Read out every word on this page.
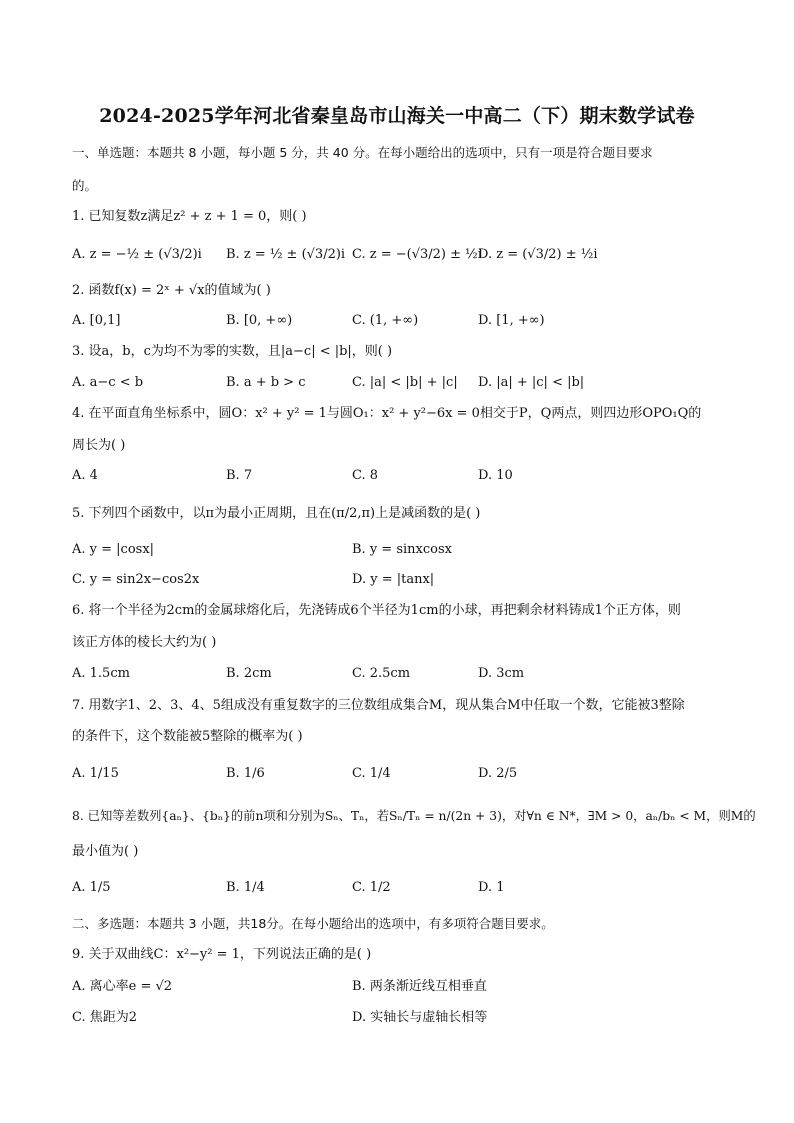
2024-2025学年河北省秦皇岛市山海关一中高二（下）期末数学试卷
一、单选题：本题共 8 小题，每小题 5 分，共 40 分。在每小题给出的选项中，只有一项是符合题目要求
的。
1. 已知复数z满足z² + z + 1 = 0，则( )
A. z = −½ ± (√3/2)i B. z = ½ ± (√3/2)i C. z = −(√3/2) ± ½i
D. z = (√3/2) ± ½i
2. 函数f(x) = 2ˣ + √x的值域为( )
A. [0,1]	B. [0, +∞)	C. (1, +∞)	D. [1, +∞)
3. 设a，b，c为均不为零的实数，且|a−c| < |b|，则( )
A. a−c < b	B. a + b > c	C. |a| < |b| + |c| D. |a| + |c| < |b|
4. 在平面直角坐标系中，圆O：x² + y² = 1与圆O₁：x² + y²−6x = 0相交于P，Q两点，则四边形OPO₁Q的
周长为( )
A. 4	B. 7	C. 8	D. 10
5. 下列四个函数中，以π为最小正周期，且在(π/2,π)上是减函数的是( )
A. y = |cosx|	B. y = sinxcosx
C. y = sin2x−cos2x	D. y = |tanx|
6. 将一个半径为2cm的金属球熔化后，先浇铸成6个半径为1cm的小球，再把剩余材料铸成1个正方体，则
该正方体的棱长大约为( )
A. 1.5cm	B. 2cm	C. 2.5cm	D. 3cm
7. 用数字1、2、3、4、5组成没有重复数字的三位数组成集合M，现从集合M中任取一个数，它能被3整除
的条件下，这个数能被5整除的概率为( )
A. 1/15	B. 1/6	C. 1/4	D. 2/5
8. 已知等差数列{aₙ}、{bₙ}的前n项和分别为Sₙ、Tₙ，若Sₙ/Tₙ = n/(2n + 3)，对∀n ∈ N*，∃M > 0，aₙ/bₙ < M，则M的
最小值为( )
A. 1/5	B. 1/4	C. 1/2	D. 1
二、多选题：本题共 3 小题，共18分。在每小题给出的选项中，有多项符合题目要求。
9. 关于双曲线C：x²−y² = 1，下列说法正确的是( )
A. 离心率e = √2	B. 两条渐近线互相垂直
C. 焦距为2	D. 实轴长与虚轴长相等
